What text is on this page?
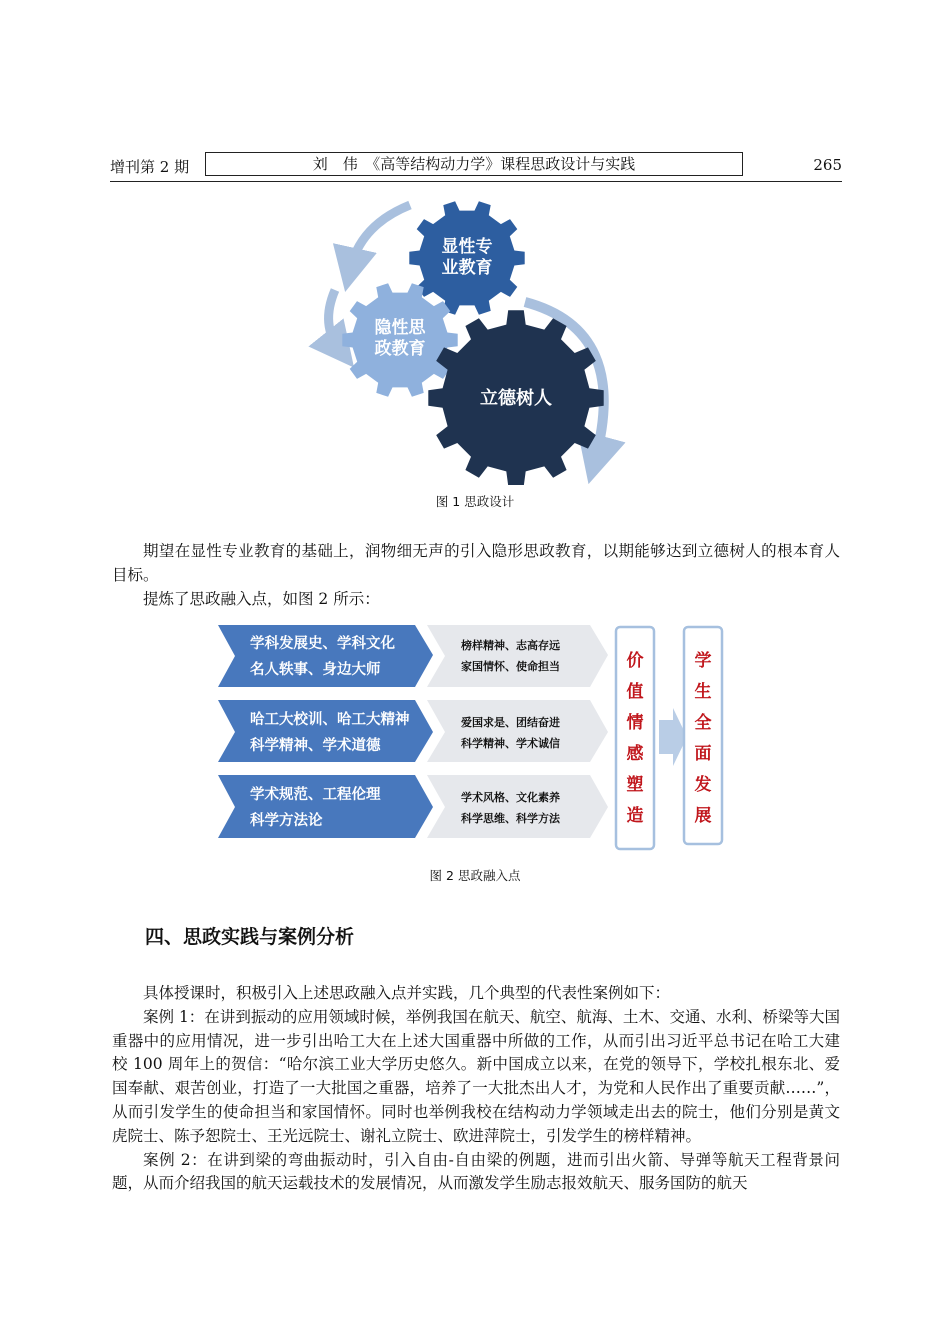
增刊第 2 期	刘　伟　《高等结构动力学》课程思政设计与实践	265
显性专
业教育
隐性思
政教育
立德树人
图 1 思政设计

期望在显性专业教育的基础上，润物细无声的引入隐形思政教育，以期能够达到立德树人的根本育人目标。

提炼了思政融入点，如图 2 所示：

学科发展史、学科文化
名人轶事、身边大师
哈工大校训、哈工大精神
科学精神、学术道德
学术规范、工程伦理
科学方法论
榜样精神、志高存远
家国情怀、使命担当
爱国求是、团结奋进
科学精神、学术诚信
学术风格、文化素养
科学思维、科学方法
价
值
情
感
塑
造
学
生
全
面
发
展
图 2 思政融入点
四、思政实践与案例分析

具体授课时，积极引入上述思政融入点并实践，几个典型的代表性案例如下：

案例 1：在讲到振动的应用领域时候，举例我国在航天、航空、航海、土木、交通、水利、桥梁等大国重器中的应用情况，进一步引出哈工大在上述大国重器中所做的工作，从而引出习近平总书记在哈工大建校 100 周年上的贺信：“哈尔滨工业大学历史悠久。新中国成立以来，在党的领导下，学校扎根东北、爱国奉献、艰苦创业，打造了一大批国之重器，培养了一大批杰出人才，为党和人民作出了重要贡献……”，从而引发学生的使命担当和家国情怀。同时也举例我校在结构动力学领域走出去的院士，他们分别是黄文虎院士、陈予恕院士、王光远院士、谢礼立院士、欧进萍院士，引发学生的榜样精神。

案例 2：在讲到梁的弯曲振动时，引入自由-自由梁的例题，进而引出火箭、导弹等航天工程背景问题，从而介绍我国的航天运载技术的发展情况，从而激发学生励志报效航天、服务国防的航天
